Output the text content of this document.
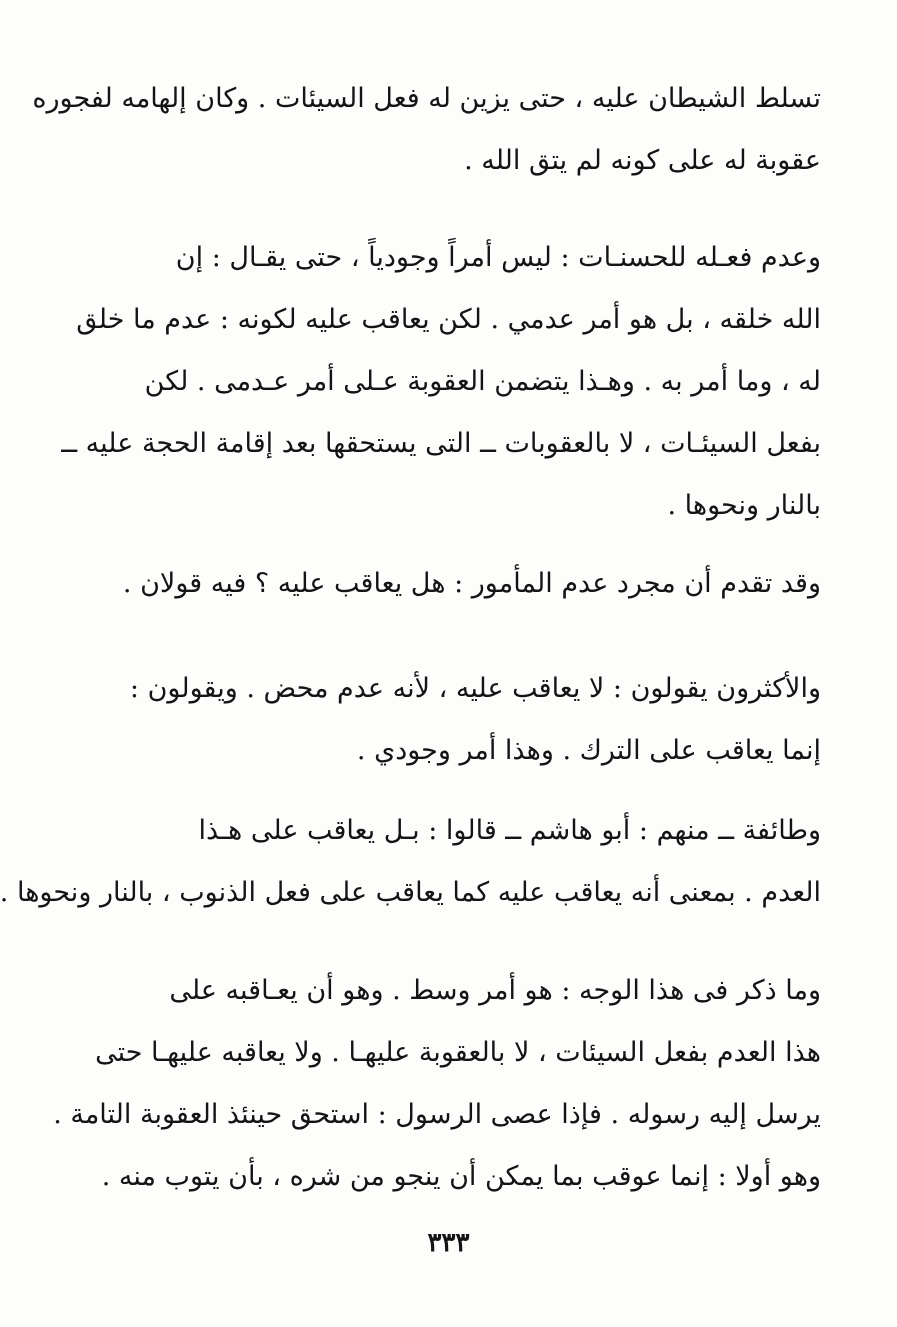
تسلط الشيطان عليه ، حتى يزين له فعل السيئات . وكان إلهامه لفجوره
عقوبة له على كونه لم يتق الله .
وعدم فعـله للحسنـات : ليس أمراً وجودياً ، حتى يقـال : إن
الله خلقه ، بل هو أمر عدمي . لكن يعاقب عليه لكونه : عدم ما خلق
له ، وما أمر به . وهـذا يتضمن العقوبة عـلى أمر عـدمى . لكن
بفعل السيئـات ، لا بالعقوبات ــ التى يستحقها بعد إقامة الحجة عليه ــ
بالنار ونحوها .
وقد تقدم أن مجرد عدم المأمور : هل يعاقب عليه ؟ فيه قولان .
والأكثرون يقولون : لا يعاقب عليه ، لأنه عدم محض . ويقولون :
إنما يعاقب على الترك . وهذا أمر وجودي .
وطائفة ــ منهم : أبو هاشم ــ قالوا : بـل يعاقب على هـذا
العدم . بمعنى أنه يعاقب عليه كما يعاقب على فعل الذنوب ، بالنار ونحوها .
وما ذكر فى هذا الوجه : هو أمر وسط . وهو أن يعـاقبه على
هذا العدم بفعل السيئات ، لا بالعقوبة عليهـا . ولا يعاقبه عليهـا حتى
يرسل إليه رسوله . فإذا عصى الرسول : استحق حينئذ العقوبة التامة .
وهو أولا : إنما عوقب بما يمكن أن ينجو من شره ، بأن يتوب منه .
٣٣٣
